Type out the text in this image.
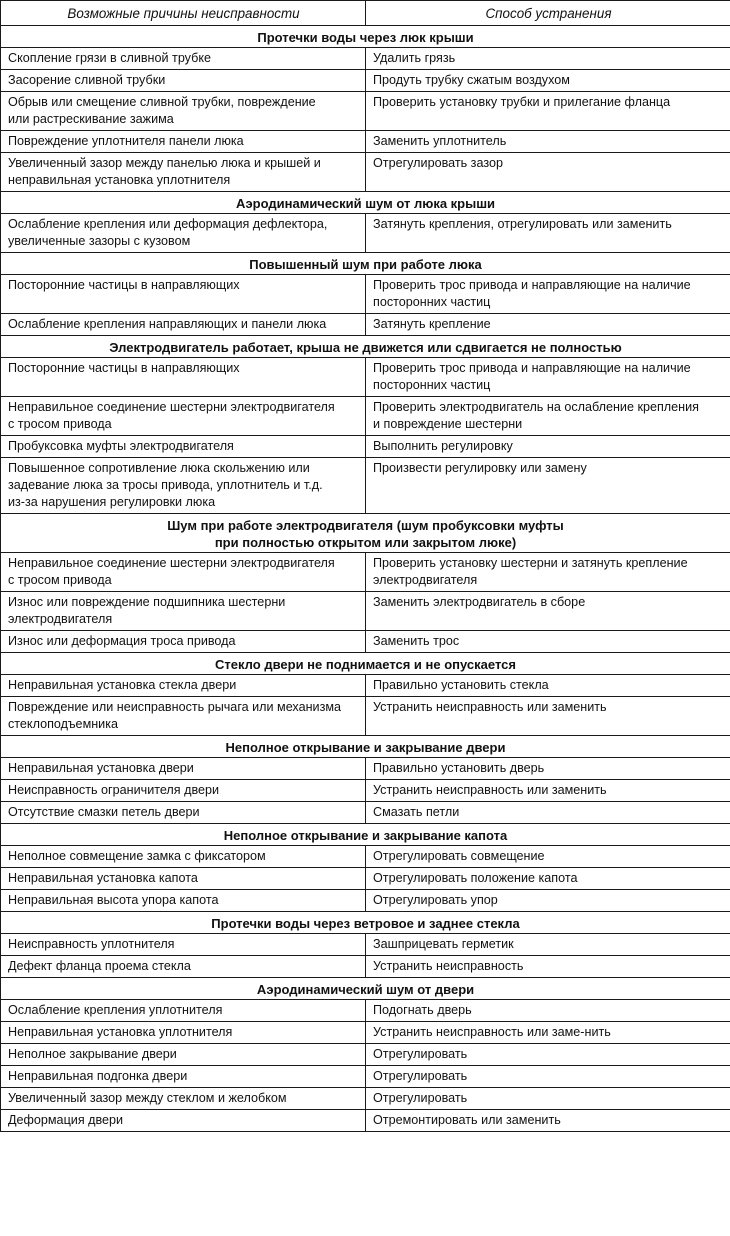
Возможные причины неисправности	Способ устранения
Протечки воды через люк крыши	
Скопление грязи в сливной трубке	Удалить грязь
Засорение сливной трубки	Продуть трубку сжатым воздухом
Обрыв или смещение сливной трубки, повреждение
или растрескивание зажима	Проверить установку трубки и прилегание фланца
Повреждение уплотнителя панели люка	Заменить уплотнитель
Увеличенный зазор между панелью люка и крышей и
неправильная установка уплотнителя	Отрегулировать зазор
Аэродинамический шум от люка крыши	
Ослабление крепления или деформация дефлектора,
увеличенные зазоры с кузовом	Затянуть крепления, отрегулировать или заменить
Повышенный шум при работе люка	
Посторонние частицы в направляющих	Проверить трос привода и направляющие на наличие
посторонних частиц
Ослабление крепления направляющих и панели люка	Затянуть крепление
Электродвигатель работает, крыша не движется или сдвигается не полностью	
Посторонние частицы в направляющих	Проверить трос привода и направляющие на наличие
посторонних частиц
Неправильное соединение шестерни электродвигателя
с тросом привода	Проверить электродвигатель на ослабление крепления
и повреждение шестерни
Пробуксовка муфты электродвигателя	Выполнить регулировку
Повышенное сопротивление люка скольжению или
задевание люка за тросы привода, уплотнитель и т.д.
из-за нарушения регулировки люка	Произвести регулировку или замену
Шум при работе электродвигателя (шум пробуксовки муфты
при полностью открытом или закрытом люке)	
Неправильное соединение шестерни электродвигателя
с тросом привода	Проверить установку шестерни и затянуть крепление
электродвигателя
Износ или повреждение подшипника шестерни
электродвигателя	Заменить электродвигатель в сборе
Износ или деформация троса привода	Заменить трос
Стекло двери не поднимается и не опускается	
Неправильная установка стекла двери	Правильно установить стекла
Повреждение или неисправность рычага или механизма
стеклоподъемника	Устранить неисправность или заменить
Неполное открывание и закрывание двери	
Неправильная установка двери	Правильно установить дверь
Неисправность ограничителя двери	Устранить неисправность или заменить
Отсутствие смазки петель двери	Смазать петли
Неполное открывание и закрывание капота	
Неполное совмещение замка с фиксатором	Отрегулировать совмещение
Неправильная установка капота	Отрегулировать положение капота
Неправильная высота упора капота	Отрегулировать упор
Протечки воды через ветровое и заднее стекла	
Неисправность уплотнителя	Зашприцевать герметик
Дефект фланца проема стекла	Устранить неисправность
Аэродинамический шум от двери	
Ослабление крепления уплотнителя	Подогнать дверь
Неправильная установка уплотнителя	Устранить неисправность или заме-нить
Неполное закрывание двери	Отрегулировать
Неправильная подгонка двери	Отрегулировать
Увеличенный зазор между стеклом и желобком	Отрегулировать
Деформация двери	Отремонтировать или заменить
